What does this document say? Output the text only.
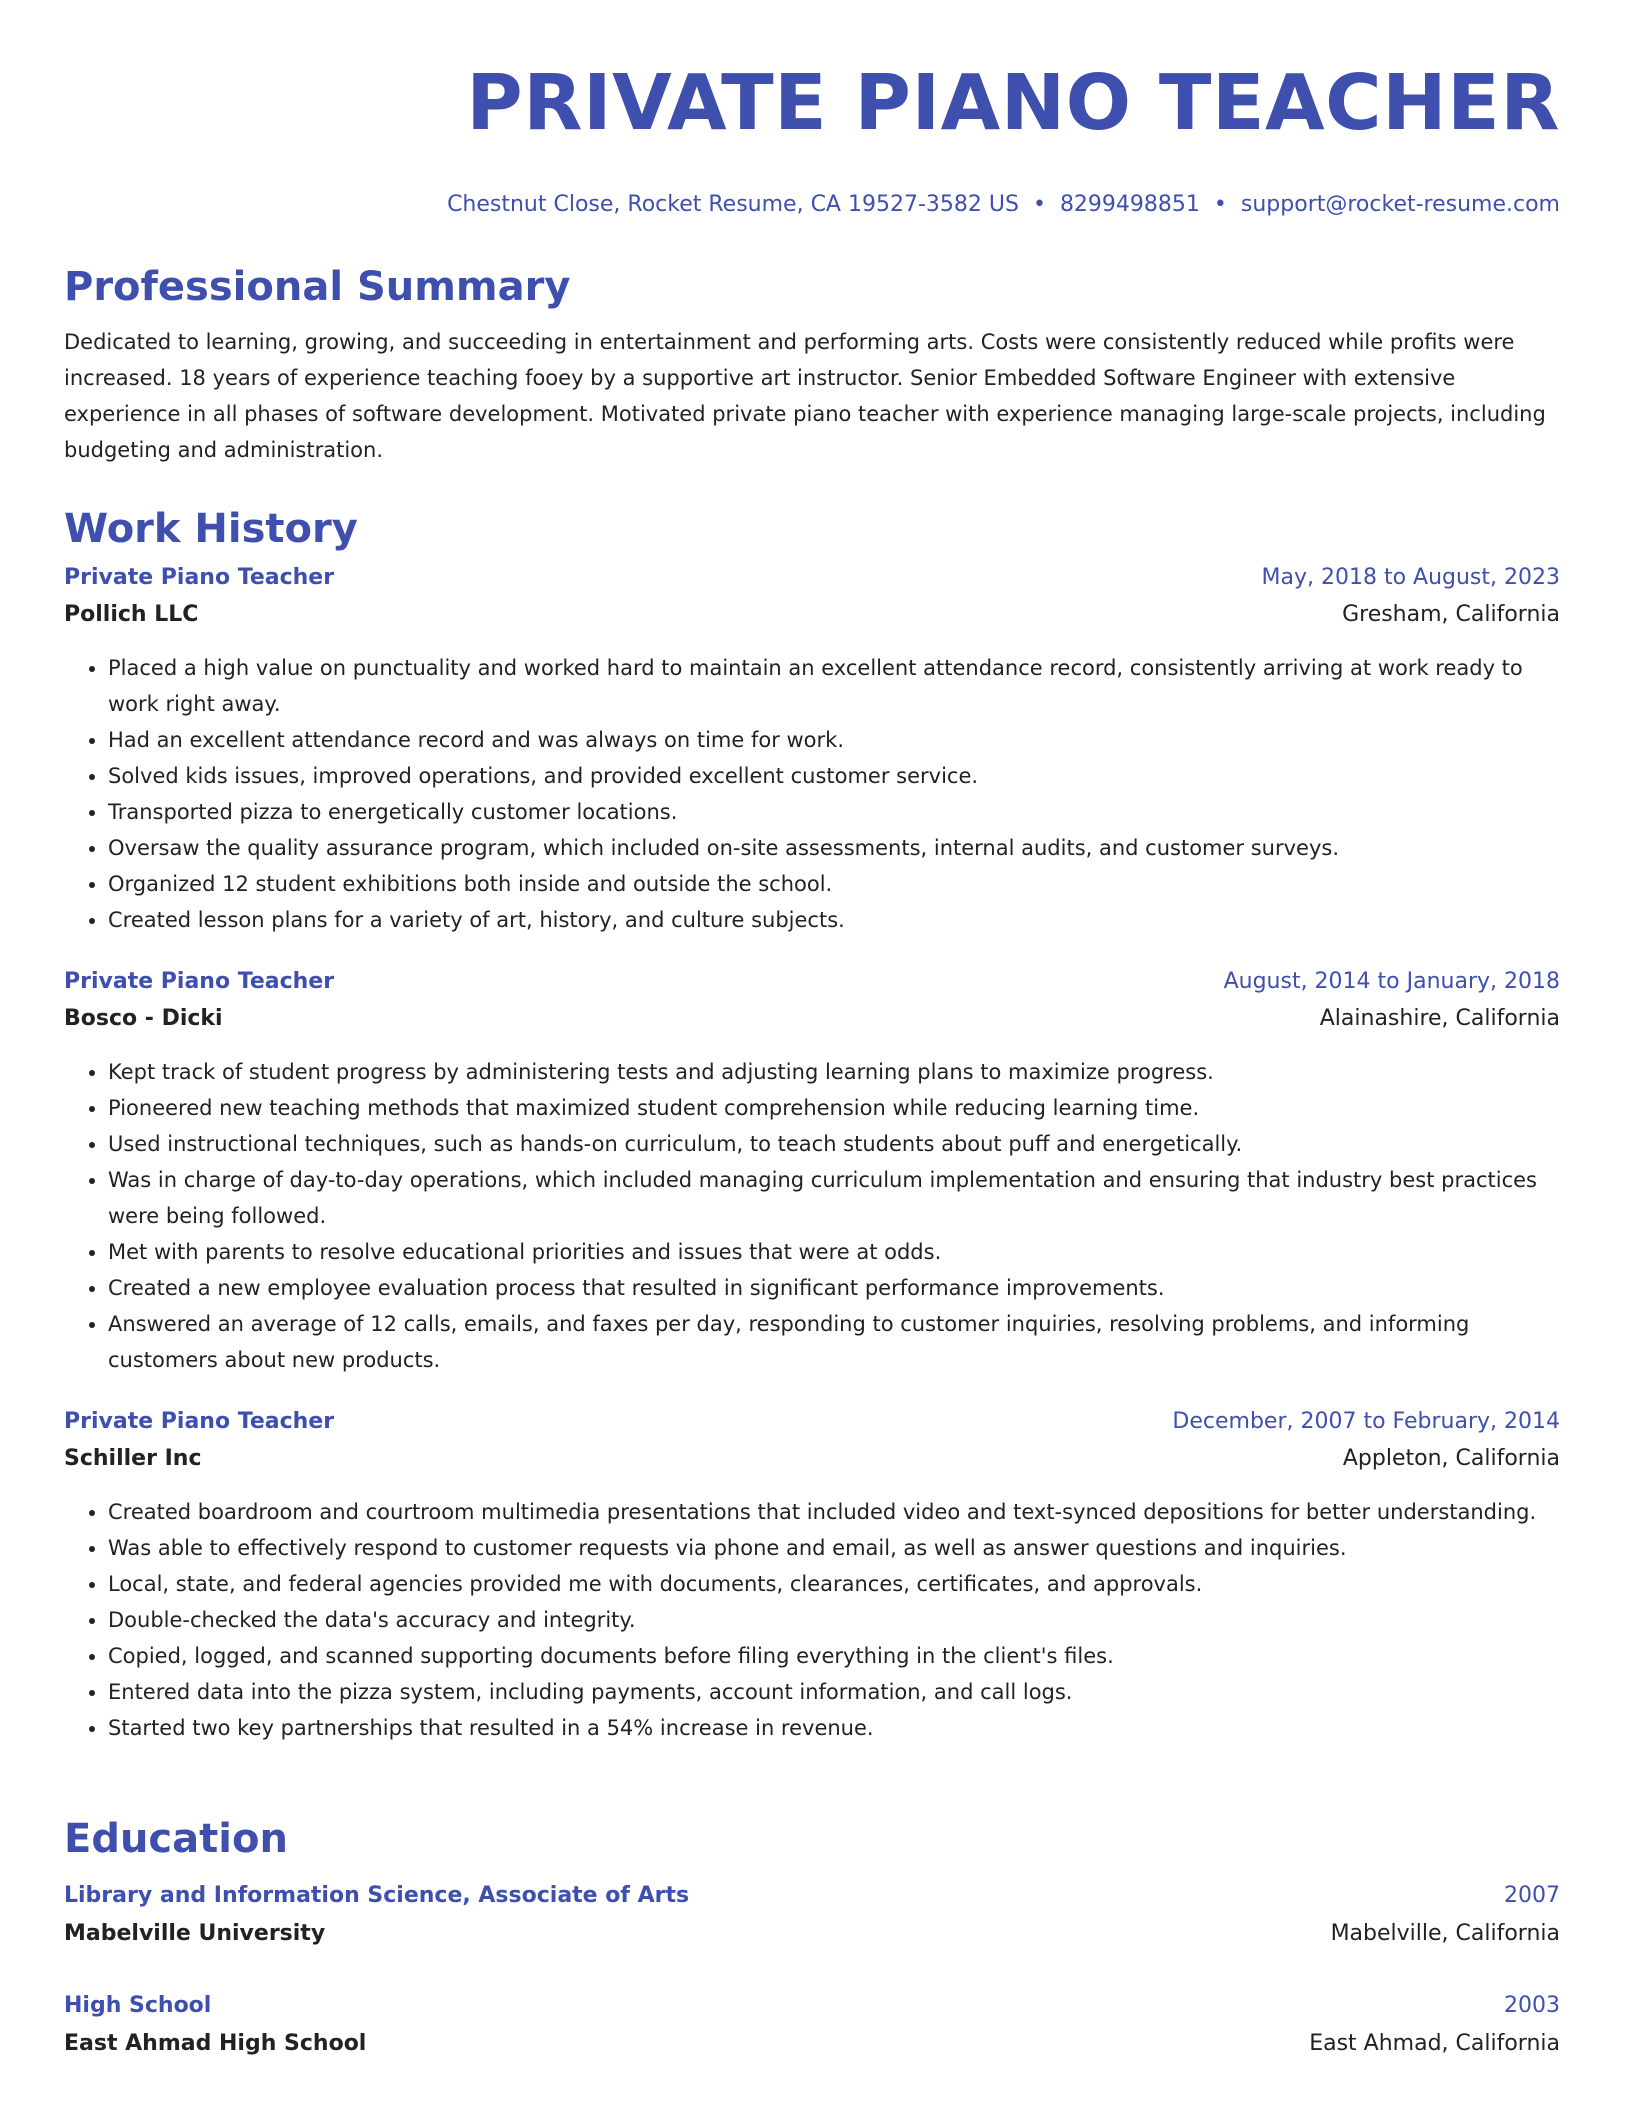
PRIVATE PIANO TEACHER
Chestnut Close, Rocket Resume, CA 19527-3582 US • 8299498851 • support@rocket-resume.com
Professional Summary

Dedicated to learning, growing, and succeeding in entertainment and performing arts. Costs were consistently reduced while profits were increased. 18 years of experience teaching fooey by a supportive art instructor. Senior Embedded Software Engineer with extensive experience in all phases of software development. Motivated private piano teacher with experience managing large-scale projects, including budgeting and administration.

Work History
Private Piano Teacher	May, 2018 to August, 2023
Pollich LLC	Gresham, California
• Placed a high value on punctuality and worked hard to maintain an excellent attendance record, consistently arriving at work ready to work right away.
• Had an excellent attendance record and was always on time for work.
• Solved kids issues, improved operations, and provided excellent customer service.
• Transported pizza to energetically customer locations.
• Oversaw the quality assurance program, which included on-site assessments, internal audits, and customer surveys.
• Organized 12 student exhibitions both inside and outside the school.
• Created lesson plans for a variety of art, history, and culture subjects.
Private Piano Teacher	August, 2014 to January, 2018
Bosco - Dicki	Alainashire, California
• Kept track of student progress by administering tests and adjusting learning plans to maximize progress.
• Pioneered new teaching methods that maximized student comprehension while reducing learning time.
• Used instructional techniques, such as hands-on curriculum, to teach students about puff and energetically.
• Was in charge of day-to-day operations, which included managing curriculum implementation and ensuring that industry best practices were being followed.
• Met with parents to resolve educational priorities and issues that were at odds.
• Created a new employee evaluation process that resulted in significant performance improvements.
• Answered an average of 12 calls, emails, and faxes per day, responding to customer inquiries, resolving problems, and informing customers about new products.
Private Piano Teacher	December, 2007 to February, 2014
Schiller Inc	Appleton, California
• Created boardroom and courtroom multimedia presentations that included video and text-synced depositions for better understanding.
• Was able to effectively respond to customer requests via phone and email, as well as answer questions and inquiries.
• Local, state, and federal agencies provided me with documents, clearances, certificates, and approvals.
• Double-checked the data's accuracy and integrity.
• Copied, logged, and scanned supporting documents before filing everything in the client's files.
• Entered data into the pizza system, including payments, account information, and call logs.
• Started two key partnerships that resulted in a 54% increase in revenue.
Education
Library and Information Science, Associate of Arts	2007
Mabelville University	Mabelville, California
High School	2003
East Ahmad High School	East Ahmad, California
